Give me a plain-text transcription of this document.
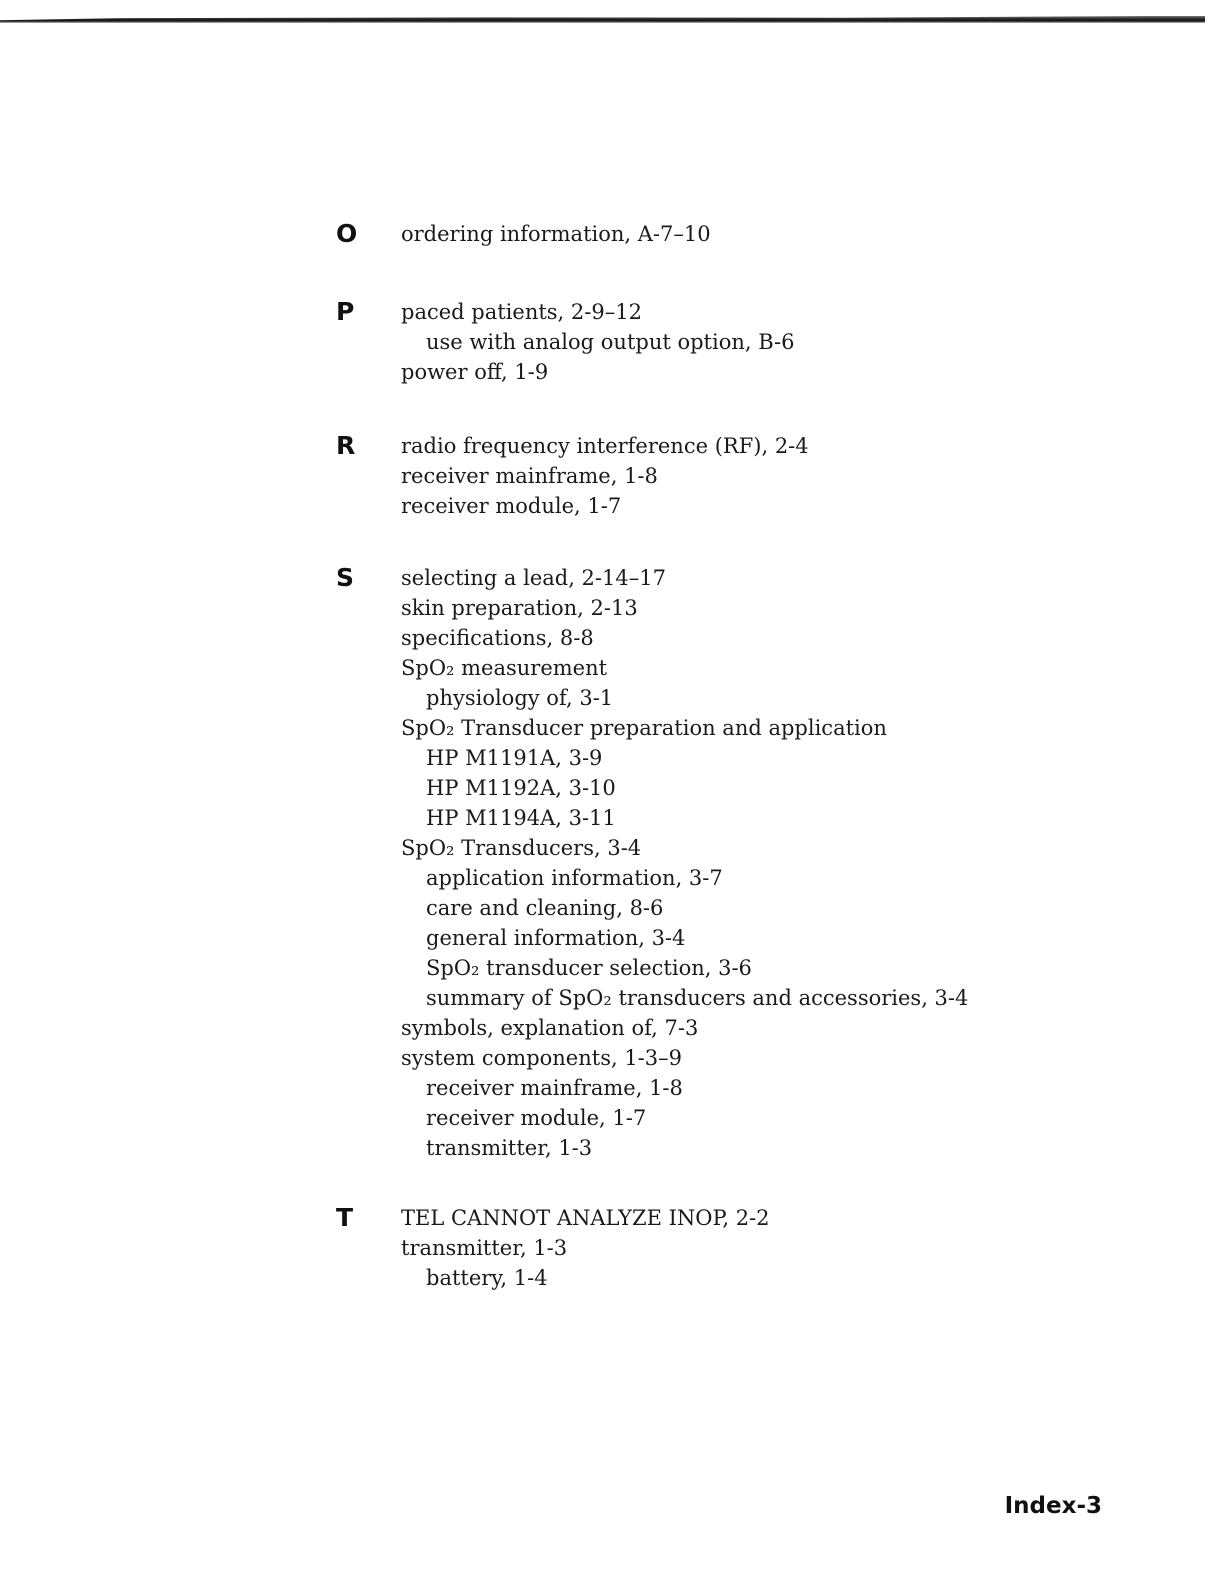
O ordering information, A-7–10
P paced patients, 2-9–12
use with analog output option, B-6
power off, 1-9
R radio frequency interference (RF), 2-4
receiver mainframe, 1-8
receiver module, 1-7
S selecting a lead, 2-14–17
skin preparation, 2-13
specifications, 8-8
SpO₂ measurement
physiology of, 3-1
SpO₂ Transducer preparation and application
HP M1191A, 3-9
HP M1192A, 3-10
HP M1194A, 3-11
SpO₂ Transducers, 3-4
application information, 3-7
care and cleaning, 8-6
general information, 3-4
SpO₂ transducer selection, 3-6
summary of SpO₂ transducers and accessories, 3-4
symbols, explanation of, 7-3
system components, 1-3–9
receiver mainframe, 1-8
receiver module, 1-7
transmitter, 1-3
T TEL CANNOT ANALYZE INOP, 2-2
transmitter, 1-3
battery, 1-4
Index-3
